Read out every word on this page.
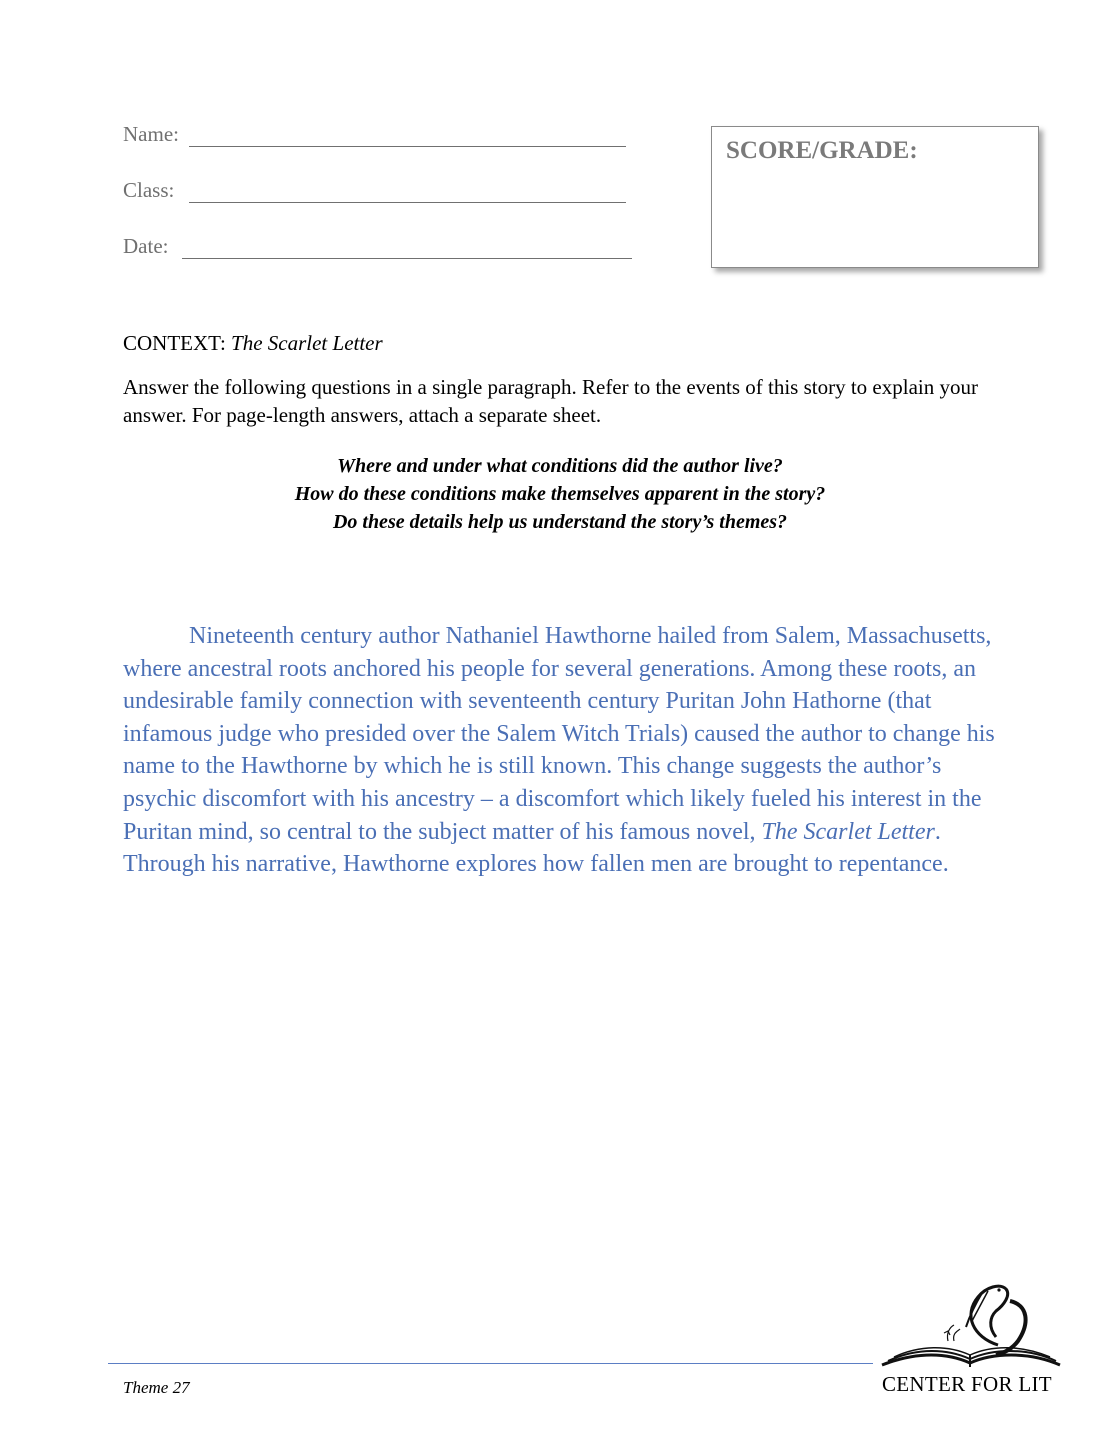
Name:
Class:
Date:
SCORE/GRADE:
CONTEXT: The Scarlet Letter
Answer the following questions in a single paragraph. Refer to the events of this story to explain your answer. For page-length answers, attach a separate sheet.
Where and under what conditions did the author live?
How do these conditions make themselves apparent in the story?
Do these details help us understand the story’s themes?
Nineteenth century author Nathaniel Hawthorne hailed from Salem, Massachusetts, where ancestral roots anchored his people for several generations. Among these roots, an undesirable family connection with seventeenth century Puritan John Hathorne (that infamous judge who presided over the Salem Witch Trials) caused the author to change his name to the Hawthorne by which he is still known. This change suggests the author’s psychic discomfort with his ancestry – a discomfort which likely fueled his interest in the Puritan mind, so central to the subject matter of his famous novel, The Scarlet Letter. Through his narrative, Hawthorne explores how fallen men are brought to repentance.
Theme 27	CENTER FOR LIT
